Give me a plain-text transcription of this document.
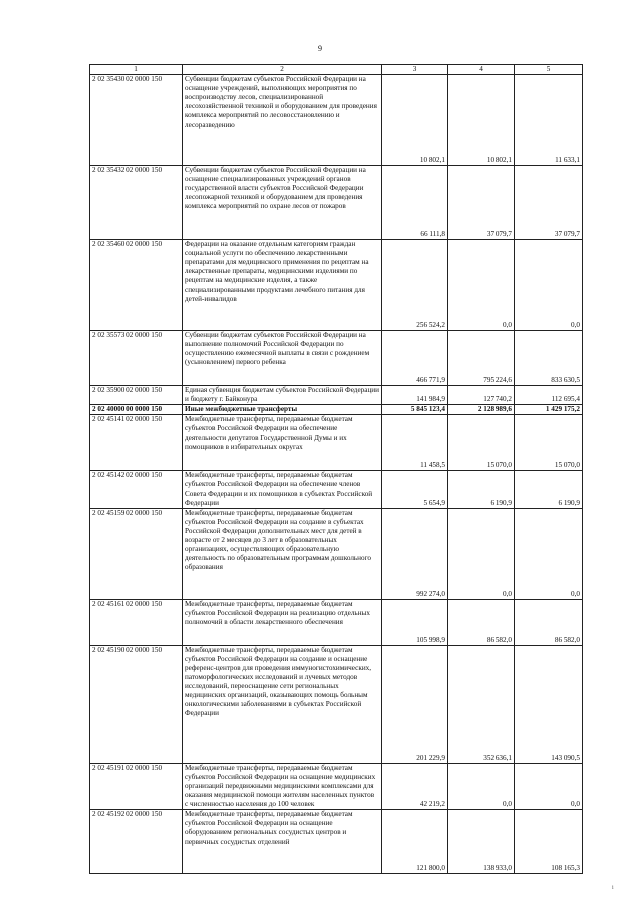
9
1	2	3	4	5
2 02 35430 02 0000 150	Субвенции бюджетам субъектов Российской Федерации на оснащение учреждений, выполняющих мероприятия по воспроизводству лесов, специализированной лесохозяйственной техникой и оборудованием для проведения комплекса мероприятий по лесовосстановлению и лесоразведению	10 802,1	10 802,1	11 633,1
2 02 35432 02 0000 150	Субвенции бюджетам субъектов Российской Федерации на оснащение специализированных учреждений органов государственной власти субъектов Российской Федерации лесопожарной техникой и оборудованием для проведения комплекса мероприятий по охране лесов от пожаров	66 111,8	37 079,7	37 079,7
2 02 35460 02 0000 150	Федерации на оказание отдельным категориям граждан социальной услуги по обеспечению лекарственными препаратами для медицинского применения по рецептам на лекарственные препараты, медицинскими изделиями по рецептам на медицинские изделия, а также специализированными продуктами лечебного питания для детей-инвалидов	256 524,2	0,0	0,0
2 02 35573 02 0000 150	Субвенции бюджетам субъектов Российской Федерации на выполнение полномочий Российской Федерации по осуществлению ежемесячной выплаты в связи с рождением (усыновлением) первого ребенка	466 771,9	795 224,6	833 630,5
2 02 35900 02 0000 150	Единая субвенция бюджетам субъектов Российской Федерации и бюджету г. Байконура	141 984,9	127 740,2	112 695,4
2 02 40000 00 0000 150	Иные межбюджетные трансферты	5 845 123,4	2 128 989,6	1 429 175,2
2 02 45141 02 0000 150	Межбюджетные трансферты, передаваемые бюджетам субъектов Российской Федерации на обеспечение деятельности депутатов Государственной Думы и их помощников в избирательных округах	11 458,5	15 070,0	15 070,0
2 02 45142 02 0000 150	Межбюджетные трансферты, передаваемые бюджетам субъектов Российской Федерации на обеспечение членов Совета Федерации и их помощников в субъектах Российской Федерации	5 654,9	6 190,9	6 190,9
2 02 45159 02 0000 150	Межбюджетные трансферты, передаваемые бюджетам субъектов Российской Федерации на создание в субъектах Российской Федерации дополнительных мест для детей в возрасте от 2 месяцев до 3 лет в образовательных организациях, осуществляющих образовательную деятельность по образовательным программам дошкольного образования	992 274,0	0,0	0,0
2 02 45161 02 0000 150	Межбюджетные трансферты, передаваемые бюджетам субъектов Российской Федерации на реализацию отдельных полномочий в области лекарственного обеспечения	105 998,9	86 582,0	86 582,0
2 02 45190 02 0000 150	Межбюджетные трансферты, передаваемые бюджетам субъектов Российской Федерации на создание и оснащение референс-центров для проведения иммуногистохимических, патоморфологических исследований и лучевых методов исследований, переоснащение сети региональных медицинских организаций, оказывающих помощь больным онкологическими заболеваниями в субъектах Российской Федерации	201 229,9	352 636,1	143 090,5
2 02 45191 02 0000 150	Межбюджетные трансферты, передаваемые бюджетам субъектов Российской Федерации на оснащение медицинских организаций передвижными медицинскими комплексами для оказания медицинской помощи жителям населенных пунктов с численностью населения до 100 человек	42 219,2	0,0	0,0
2 02 45192 02 0000 150	Межбюджетные трансферты, передаваемые бюджетам субъектов Российской Федерации на оснащение оборудованием региональных сосудистых центров и первичных сосудистых отделений	121 800,0	138 933,0	108 165,3
i
